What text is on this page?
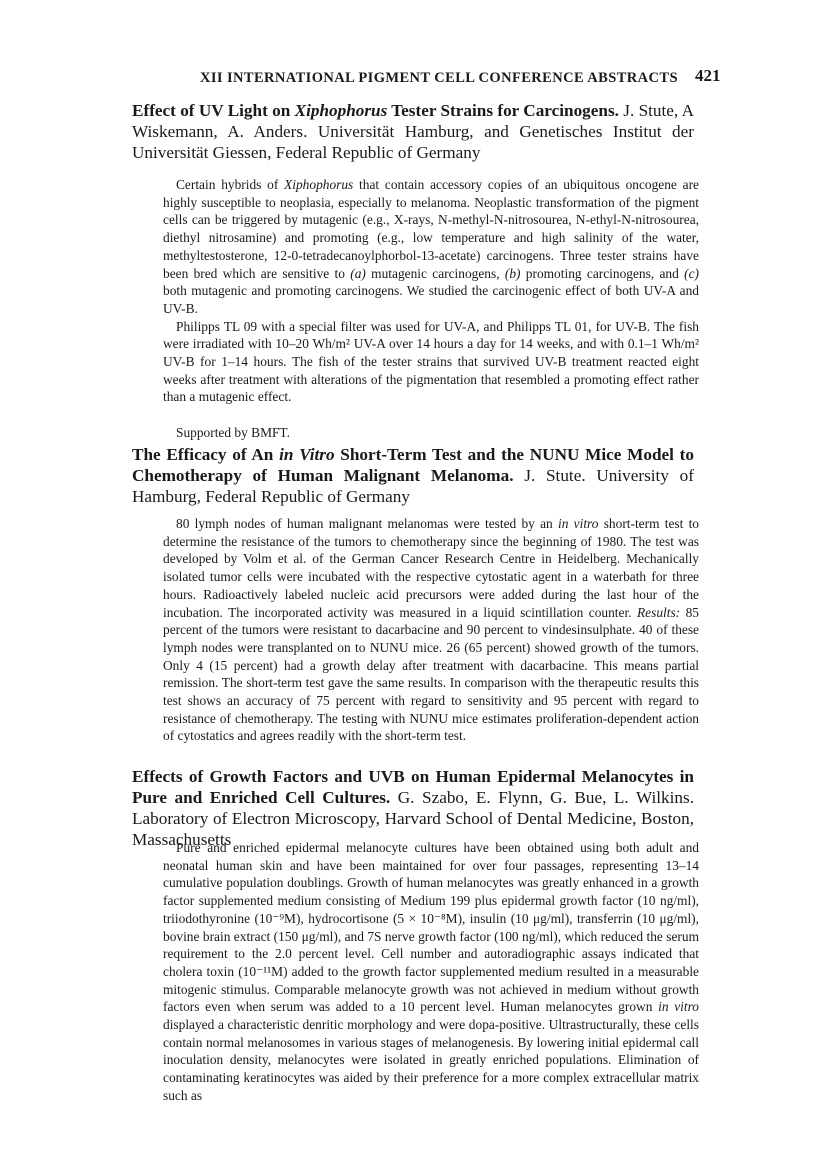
XII INTERNATIONAL PIGMENT CELL CONFERENCE ABSTRACTS	421
Effect of UV Light on Xiphophorus Tester Strains for Carcinogens. J. Stute, A Wiskemann, A. Anders. Universität Hamburg, and Genetisches Institut der Universität Giessen, Federal Republic of Germany

Certain hybrids of Xiphophorus that contain accessory copies of an ubiquitous oncogene are highly susceptible to neoplasia, especially to melanoma. Neoplastic transformation of the pigment cells can be triggered by mutagenic (e.g., X-rays, N-methyl-N-nitrosourea, N-ethyl-N-nitrosourea, diethyl nitrosamine) and promoting (e.g., low temperature and high salinity of the water, methyltestosterone, 12-0-tetradecanoylphorbol-13-acetate) carcinogens. Three tester strains have been bred which are sensitive to (a) mutagenic carcinogens, (b) promoting carcinogens, and (c) both mutagenic and promoting carcinogens. We studied the carcinogenic effect of both UV-A and UV-B.

Philipps TL 09 with a special filter was used for UV-A, and Philipps TL 01, for UV-B. The fish were irradiated with 10–20 Wh/m² UV-A over 14 hours a day for 14 weeks, and with 0.1–1 Wh/m² UV-B for 1–14 hours. The fish of the tester strains that survived UV-B treatment reacted eight weeks after treatment with alterations of the pigmentation that resembled a promoting effect rather than a mutagenic effect.

Supported by BMFT.

The Efficacy of An in Vitro Short-Term Test and the NUNU Mice Model to Chemotherapy of Human Malignant Melanoma. J. Stute. University of Hamburg, Federal Republic of Germany

80 lymph nodes of human malignant melanomas were tested by an in vitro short-term test to determine the resistance of the tumors to chemotherapy since the beginning of 1980. The test was developed by Volm et al. of the German Cancer Research Centre in Heidelberg. Mechanically isolated tumor cells were incubated with the respective cytostatic agent in a waterbath for three hours. Radioactively labeled nucleic acid precursors were added during the last hour of the incubation. The incorporated activity was measured in a liquid scintillation counter. Results: 85 percent of the tumors were resistant to dacarbacine and 90 percent to vindesinsulphate. 40 of these lymph nodes were transplanted on to NUNU mice. 26 (65 percent) showed growth of the tumors. Only 4 (15 percent) had a growth delay after treatment with dacarbacine. This means partial remission. The short-term test gave the same results. In comparison with the therapeutic results this test shows an accuracy of 75 percent with regard to sensitivity and 95 percent with regard to resistance of chemotherapy. The testing with NUNU mice estimates proliferation-dependent action of cytostatics and agrees readily with the short-term test.

Effects of Growth Factors and UVB on Human Epidermal Melanocytes in Pure and Enriched Cell Cultures. G. Szabo, E. Flynn, G. Bue, L. Wilkins. Laboratory of Electron Microscopy, Harvard School of Dental Medicine, Boston, Massachusetts

Pure and enriched epidermal melanocyte cultures have been obtained using both adult and neonatal human skin and have been maintained for over four passages, representing 13–14 cumulative population doublings. Growth of human melanocytes was greatly enhanced in a growth factor supplemented medium consisting of Medium 199 plus epidermal growth factor (10 ng/ml), triiodothyronine (10⁻⁹M), hydrocortisone (5 × 10⁻⁸M), insulin (10 μg/ml), transferrin (10 μg/ml), bovine brain extract (150 μg/ml), and 7S nerve growth factor (100 ng/ml), which reduced the serum requirement to the 2.0 percent level. Cell number and autoradiographic assays indicated that cholera toxin (10⁻¹¹M) added to the growth factor supplemented medium resulted in a measurable mitogenic stimulus. Comparable melanocyte growth was not achieved in medium without growth factors even when serum was added to a 10 percent level. Human melanocytes grown in vitro displayed a characteristic denritic morphology and were dopa-positive. Ultrastructurally, these cells contain normal melanosomes in various stages of melanogenesis. By lowering initial epidermal call inoculation density, melanocytes were isolated in greatly enriched populations. Elimination of contaminating keratinocytes was aided by their preference for a more complex extracellular matrix such as
